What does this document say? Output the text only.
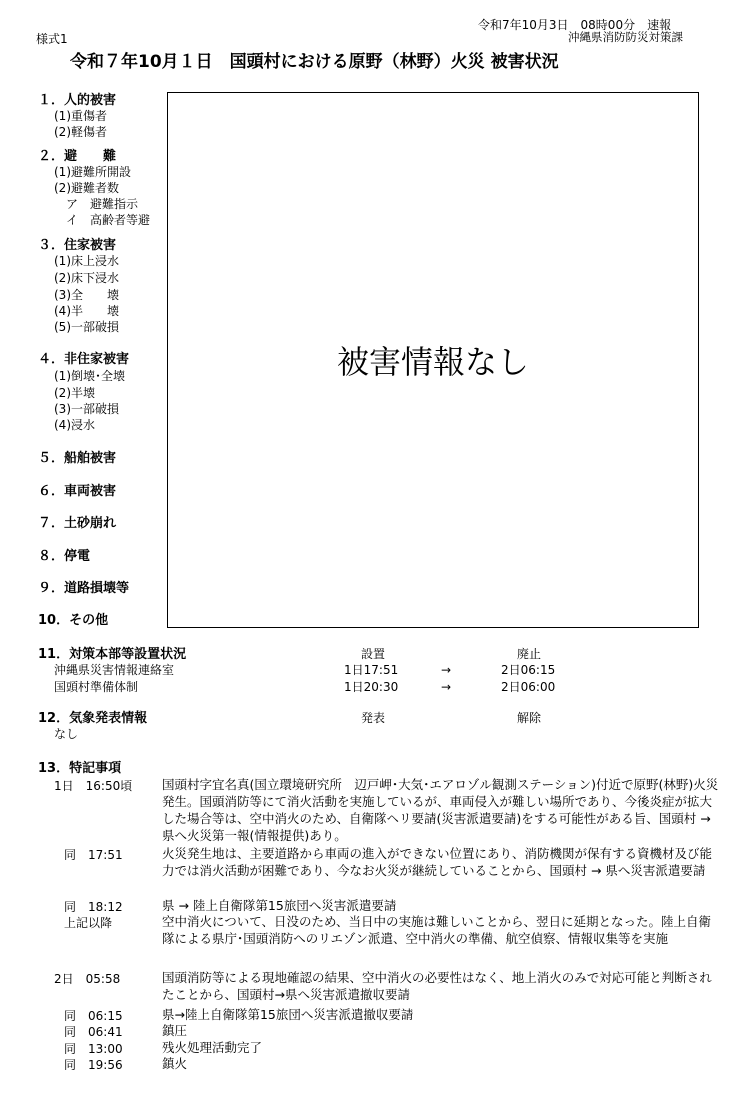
様式1
令和7年10月3日　08時00分　速報
沖縄県消防防災対策課
令和７年10月１日　国頭村における原野（林野）火災 被害状況
被害情報なし
１．人的被害
(1)重傷者
(2)軽傷者
２．避　　難
(1)避難所開設
(2)避難者数
ア　避難指示
イ　高齢者等避
３．住家被害
(1)床上浸水
(2)床下浸水
(3)全　　壊
(4)半　　壊
(5)一部破損
４．非住家被害
(1)倒壊･全壊
(2)半壊
(3)一部破損
(4)浸水
５．船舶被害
６．車両被害
７．土砂崩れ
８．停電
９．道路損壊等
10．その他
11．対策本部等設置状況	設置	廃止
沖縄県災害情報連絡室	1日17:51	→	2日06:15
国頭村準備体制	1日20:30	→	2日06:00
12．気象発表情報	発表	解除
なし
13．特記事項
1日　16:50頃 国頭村字宜名真(国立環境研究所　辺戸岬･大気･エアロゾル観測ステーション)付近で原野(林野)火災発生。国頭消防等にて消火活動を実施しているが、車両侵入が難しい場所であり、今後炎症が拡大した場合等は、空中消火のため、自衛隊ヘリ要請(災害派遣要請)をする可能性がある旨、国頭村 →県へ火災第一報(情報提供)あり。
同　17:51	火災発生地は、主要道路から車両の進入ができない位置にあり、消防機関が保有する資機材及び能力では消火活動が困難であり、今なお火災が継続していることから、国頭村 → 県へ災害派遣要請
同　18:12	県 → 陸上自衛隊第15旅団へ災害派遣要請
上記以降	空中消火について、日没のため、当日中の実施は難しいことから、翌日に延期となった。陸上自衛隊による県庁･国頭消防へのリエゾン派遣、空中消火の準備、航空偵察、情報収集等を実施
2日　05:58	国頭消防等による現地確認の結果、空中消火の必要性はなく、地上消火のみで対応可能と判断されたことから、国頭村→県へ災害派遣撤収要請
同　06:15	県→陸上自衛隊第15旅団へ災害派遣撤収要請
同　06:41	鎮圧
同　13:00	残火処理活動完了
同　19:56	鎮火
